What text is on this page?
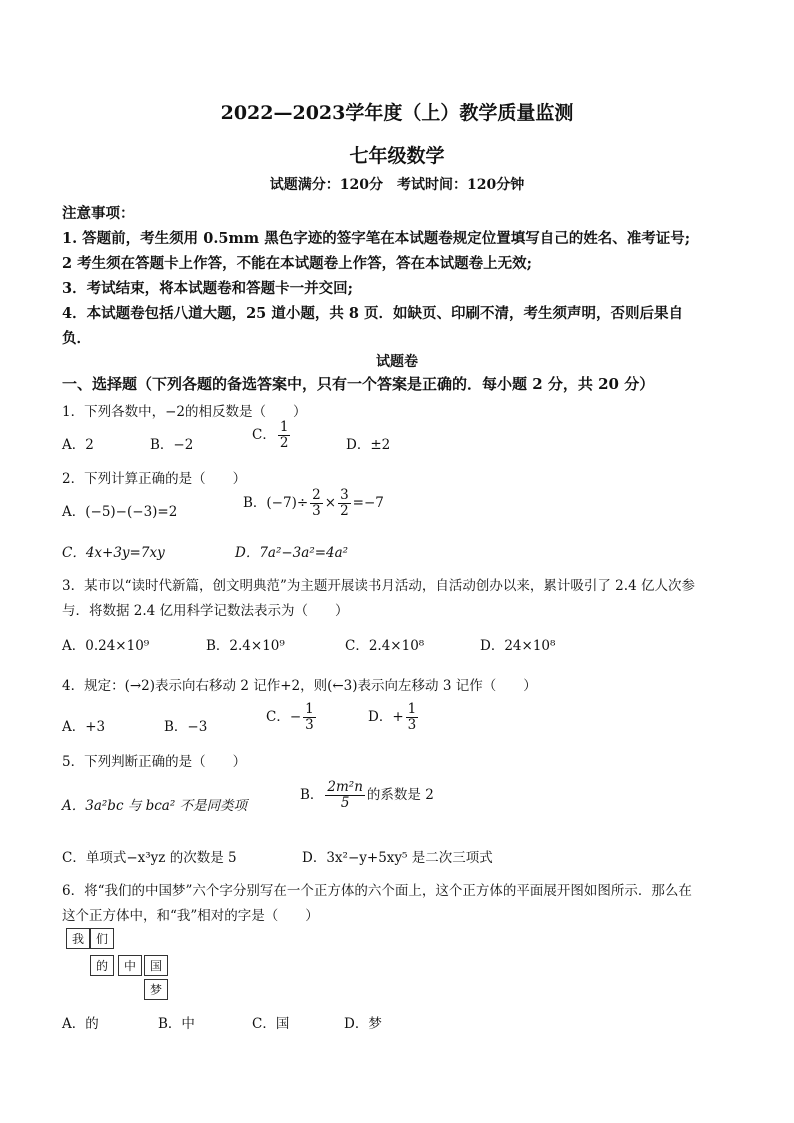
2022—2023学年度（上）教学质量监测
七年级数学
试题满分：120分　考试时间：120分钟
注意事项：
1. 答题前，考生须用 0.5mm 黑色字迹的签字笔在本试题卷规定位置填写自己的姓名、准考证号;
2 考生须在答题卡上作答，不能在本试题卷上作答，答在本试题卷上无效;
3．考试结束，将本试题卷和答题卡一并交回;
4．本试题卷包括八道大题，25 道小题，共 8 页．如缺页、印刷不清，考生须声明，否则后果自
负．
试题卷
一、选择题（下列各题的备选答案中，只有一个答案是正确的．每小题 2 分，共 20 分）
1．下列各数中，−2的相反数是（　　）
A．2	B．−2
C． $\frac{1}{2}$	D．±2
2．下列计算正确的是（　　）
A．(−5)−(−3)=2
B．$(-7)\div \frac{2}{3} \times \frac{3}{2} =-7$
C．4x+3y=7xy	D．7a²−3a²=4a²
3．某市以“读时代新篇，创文明典范”为主题开展读书月活动，自活动创办以来，累计吸引了 2.4 亿人次参
与．将数据 2.4 亿用科学记数法表示为（　　）
A．0.24×10⁹	B．2.4×10⁹	C．2.4×10⁸	D．24×10⁸
4．规定：(→2)表示向右移动 2 记作+2，则(←3)表示向左移动 3 记作（　　）
A．+3	B．−3
C．− $\frac{1}{3}$	D．+ $\frac{1}{3}$
5．下列判断正确的是（　　）
A．3a²bc 与 bca² 不是同类项
B． $\frac{\text{2m²n}}{5}$ 的系数是 2
C．单项式−x³yz 的次数是 5	D．3x²−y+5xy⁵ 是二次三项式
6．将“我们的中国梦”六个字分别写在一个正方体的六个面上，这个正方体的平面展开图如图所示．那么在
这个正方体中，和“我”相对的字是（　　）
我 们
的	中	国
梦
A．的	B．中	C．国	D．梦
